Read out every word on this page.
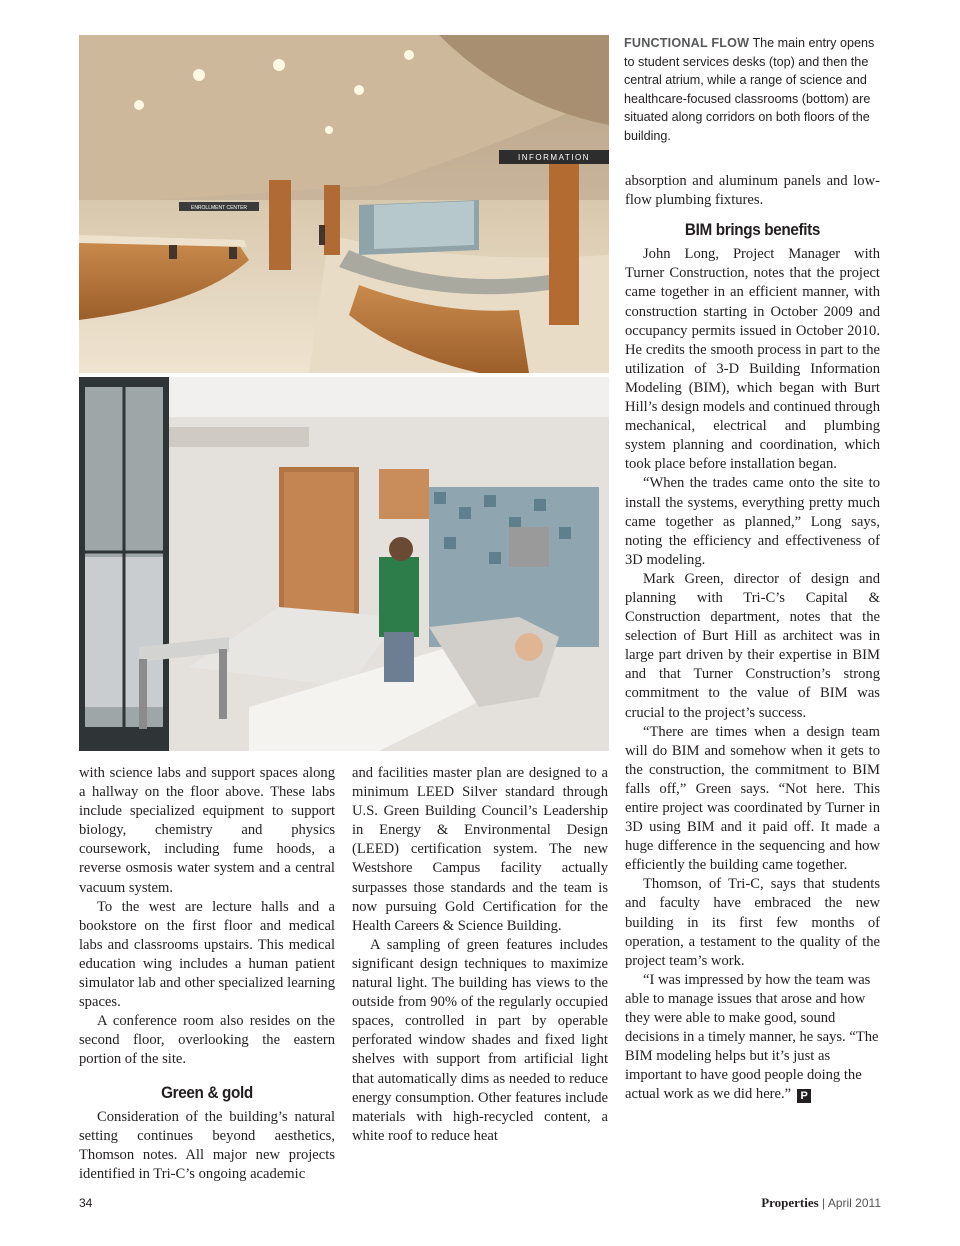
ENROLLMENT CENTER
INFORMATION
FUNCTIONAL FLOW The main entry opens to student services desks (top) and then the central atrium, while a range of science and healthcare-focused classrooms (bottom) are situated along corridors on both floors of the building.

with science labs and support spaces along a hallway on the floor above. These labs include specialized equipment to support biology, chemistry and physics coursework, including fume hoods, a reverse osmosis water system and a central vacuum system.

To the west are lecture halls and a bookstore on the first floor and medical labs and classrooms upstairs. This medical education wing includes a human patient simulator lab and other specialized learning spaces.

A conference room also resides on the second floor, overlooking the eastern portion of the site.

Green & gold

Consideration of the building’s natural setting continues beyond aesthetics, Thomson notes. All major new projects identified in Tri-C’s ongoing academic

and facilities master plan are designed to a minimum LEED Silver standard through U.S. Green Building Council’s Leadership in Energy & Environmental Design (LEED) certification system. The new Westshore Campus facility actually surpasses those standards and the team is now pursuing Gold Certification for the Health Careers & Science Building.

A sampling of green features includes significant design techniques to maximize natural light. The building has views to the outside from 90% of the regularly occupied spaces, controlled in part by operable perforated window shades and fixed light shelves with support from artificial light that automatically dims as needed to reduce energy consumption. Other features include materials with high-recycled content, a white roof to reduce heat

absorption and aluminum panels and low-flow plumbing fixtures.

BIM brings benefits

John Long, Project Manager with Turner Construction, notes that the project came together in an efficient manner, with construction starting in October 2009 and occupancy permits issued in October 2010. He credits the smooth process in part to the utilization of 3-D Building Information Modeling (BIM), which began with Burt Hill’s design models and continued through mechanical, electrical and plumbing system planning and coordination, which took place before installation began.

“When the trades came onto the site to install the systems, everything pretty much came together as planned,” Long says, noting the efficiency and effectiveness of 3D modeling.

Mark Green, director of design and planning with Tri-C’s Capital & Construction department, notes that the selection of Burt Hill as architect was in large part driven by their expertise in BIM and that Turner Construction’s strong commitment to the value of BIM was crucial to the project’s success.

“There are times when a design team will do BIM and somehow when it gets to the construction, the commitment to BIM falls off,” Green says. “Not here. This entire project was coordinated by Turner in 3D using BIM and it paid off. It made a huge difference in the sequencing and how efficiently the building came together.

Thomson, of Tri-C, says that students and faculty have embraced the new building in its first few months of operation, a testament to the quality of the project team’s work.

“I was impressed by how the team was able to manage issues that arose and how they were able to make good, sound decisions in a timely manner, he says. “The BIM modeling helps but it’s just as important to have good people doing the actual work as we did here.” P

34	Properties | April 2011
